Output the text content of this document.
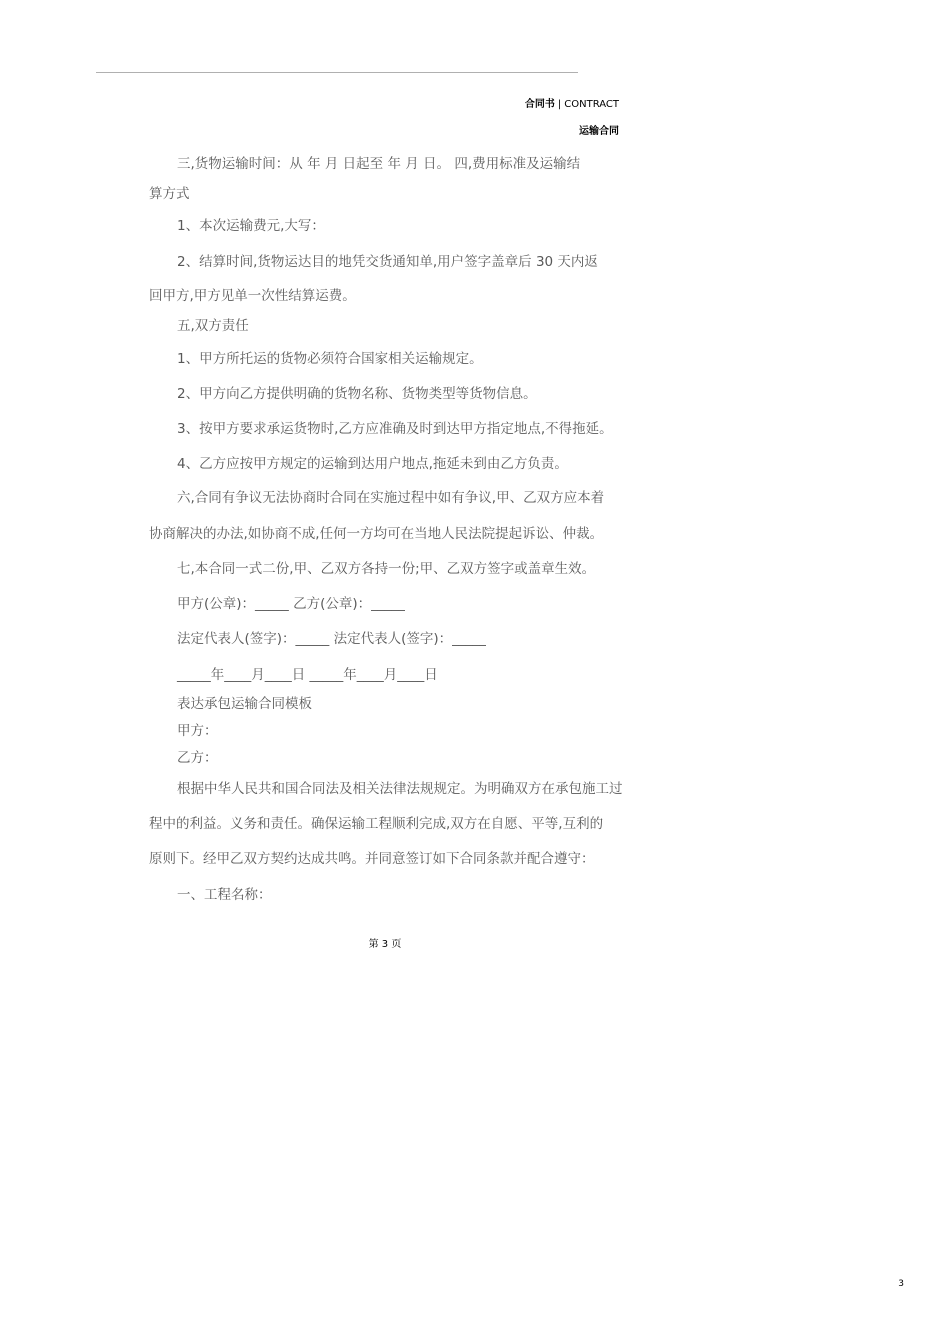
合同书 | CONTRACT
运输合同
三,货物运输时间：从 年 月 日起至 年 月 日。 四,费用标准及运输结
算方式
1、本次运输费元,大写：
2、结算时间,货物运达目的地凭交货通知单,用户签字盖章后 30 天内返
回甲方,甲方见单一次性结算运费。
五,双方责任
1、甲方所托运的货物必须符合国家相关运输规定。
2、甲方向乙方提供明确的货物名称、货物类型等货物信息。
3、按甲方要求承运货物时,乙方应准确及时到达甲方指定地点,不得拖延。
4、乙方应按甲方规定的运输到达用户地点,拖延未到由乙方负责。
六,合同有争议无法协商时合同在实施过程中如有争议,甲、乙双方应本着
协商解决的办法,如协商不成,任何一方均可在当地人民法院提起诉讼、仲裁。
七,本合同一式二份,甲、乙双方各持一份;甲、乙双方签字或盖章生效。
甲方(公章)：_____ 乙方(公章)：_____
法定代表人(签字)：_____ 法定代表人(签字)：_____
_____年____月____日 _____年____月____日
表达承包运输合同模板
甲方：
乙方：
根据中华人民共和国合同法及相关法律法规规定。为明确双方在承包施工过
程中的利益。义务和责任。确保运输工程顺利完成,双方在自愿、平等,互利的
原则下。经甲乙双方契约达成共鸣。并同意签订如下合同条款并配合遵守：
一、工程名称：
第 3 页
3
